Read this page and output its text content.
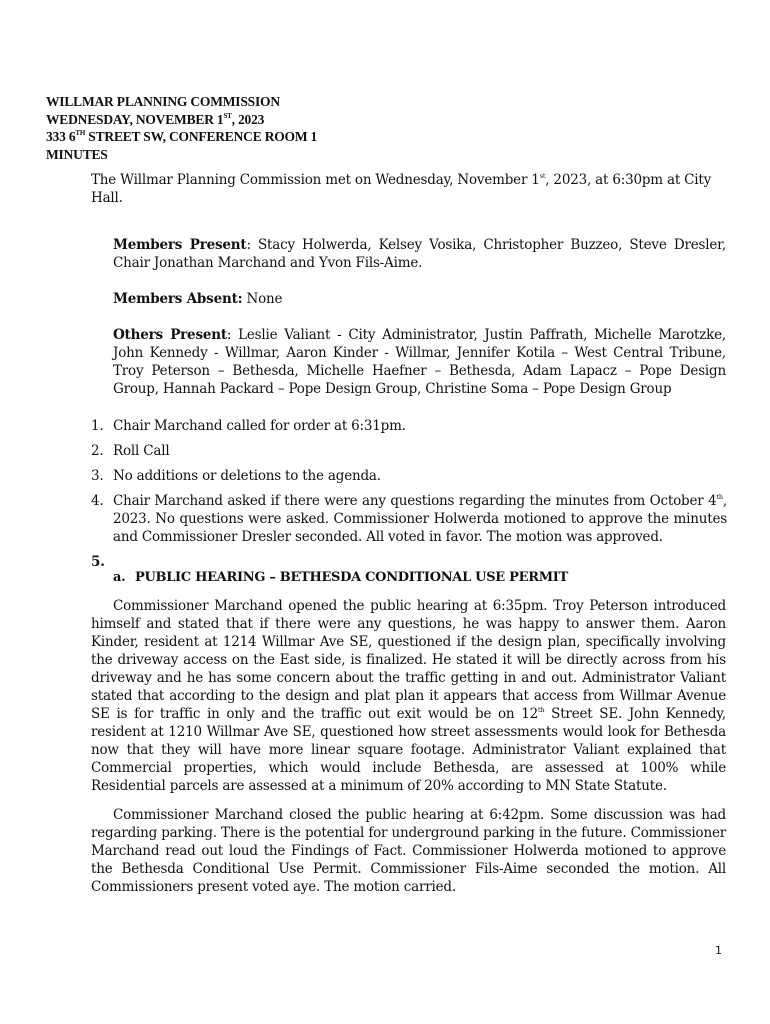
WILLMAR PLANNING COMMISSION
WEDNESDAY, NOVEMBER 1ST, 2023
333 6TH STREET SW, CONFERENCE ROOM 1
MINUTES
The Willmar Planning Commission met on Wednesday, November 1st, 2023, at 6:30pm at City Hall.
Members Present: Stacy Holwerda, Kelsey Vosika, Christopher Buzzeo, Steve Dresler, Chair Jonathan Marchand and Yvon Fils-Aime.
Members Absent: None
Others Present: Leslie Valiant - City Administrator, Justin Paffrath, Michelle Marotzke, John Kennedy - Willmar, Aaron Kinder - Willmar, Jennifer Kotila – West Central Tribune, Troy Peterson – Bethesda, Michelle Haefner – Bethesda, Adam Lapacz – Pope Design Group, Hannah Packard – Pope Design Group, Christine Soma – Pope Design Group
1. Chair Marchand called for order at 6:31pm.
2. Roll Call
3. No additions or deletions to the agenda.
4. Chair Marchand asked if there were any questions regarding the minutes from October 4th, 2023. No questions were asked. Commissioner Holwerda motioned to approve the minutes and Commissioner Dresler seconded. All voted in favor. The motion was approved.
5.
a. PUBLIC HEARING – BETHESDA CONDITIONAL USE PERMIT
Commissioner Marchand opened the public hearing at 6:35pm. Troy Peterson introduced himself and stated that if there were any questions, he was happy to answer them. Aaron Kinder, resident at 1214 Willmar Ave SE, questioned if the design plan, specifically involving the driveway access on the East side, is finalized. He stated it will be directly across from his driveway and he has some concern about the traffic getting in and out. Administrator Valiant stated that according to the design and plat plan it appears that access from Willmar Avenue SE is for traffic in only and the traffic out exit would be on 12th Street SE. John Kennedy, resident at 1210 Willmar Ave SE, questioned how street assessments would look for Bethesda now that they will have more linear square footage. Administrator Valiant explained that Commercial properties, which would include Bethesda, are assessed at 100% while Residential parcels are assessed at a minimum of 20% according to MN State Statute.
Commissioner Marchand closed the public hearing at 6:42pm. Some discussion was had regarding parking. There is the potential for underground parking in the future. Commissioner Marchand read out loud the Findings of Fact. Commissioner Holwerda motioned to approve the Bethesda Conditional Use Permit. Commissioner Fils-Aime seconded the motion. All Commissioners present voted aye. The motion carried.
1
